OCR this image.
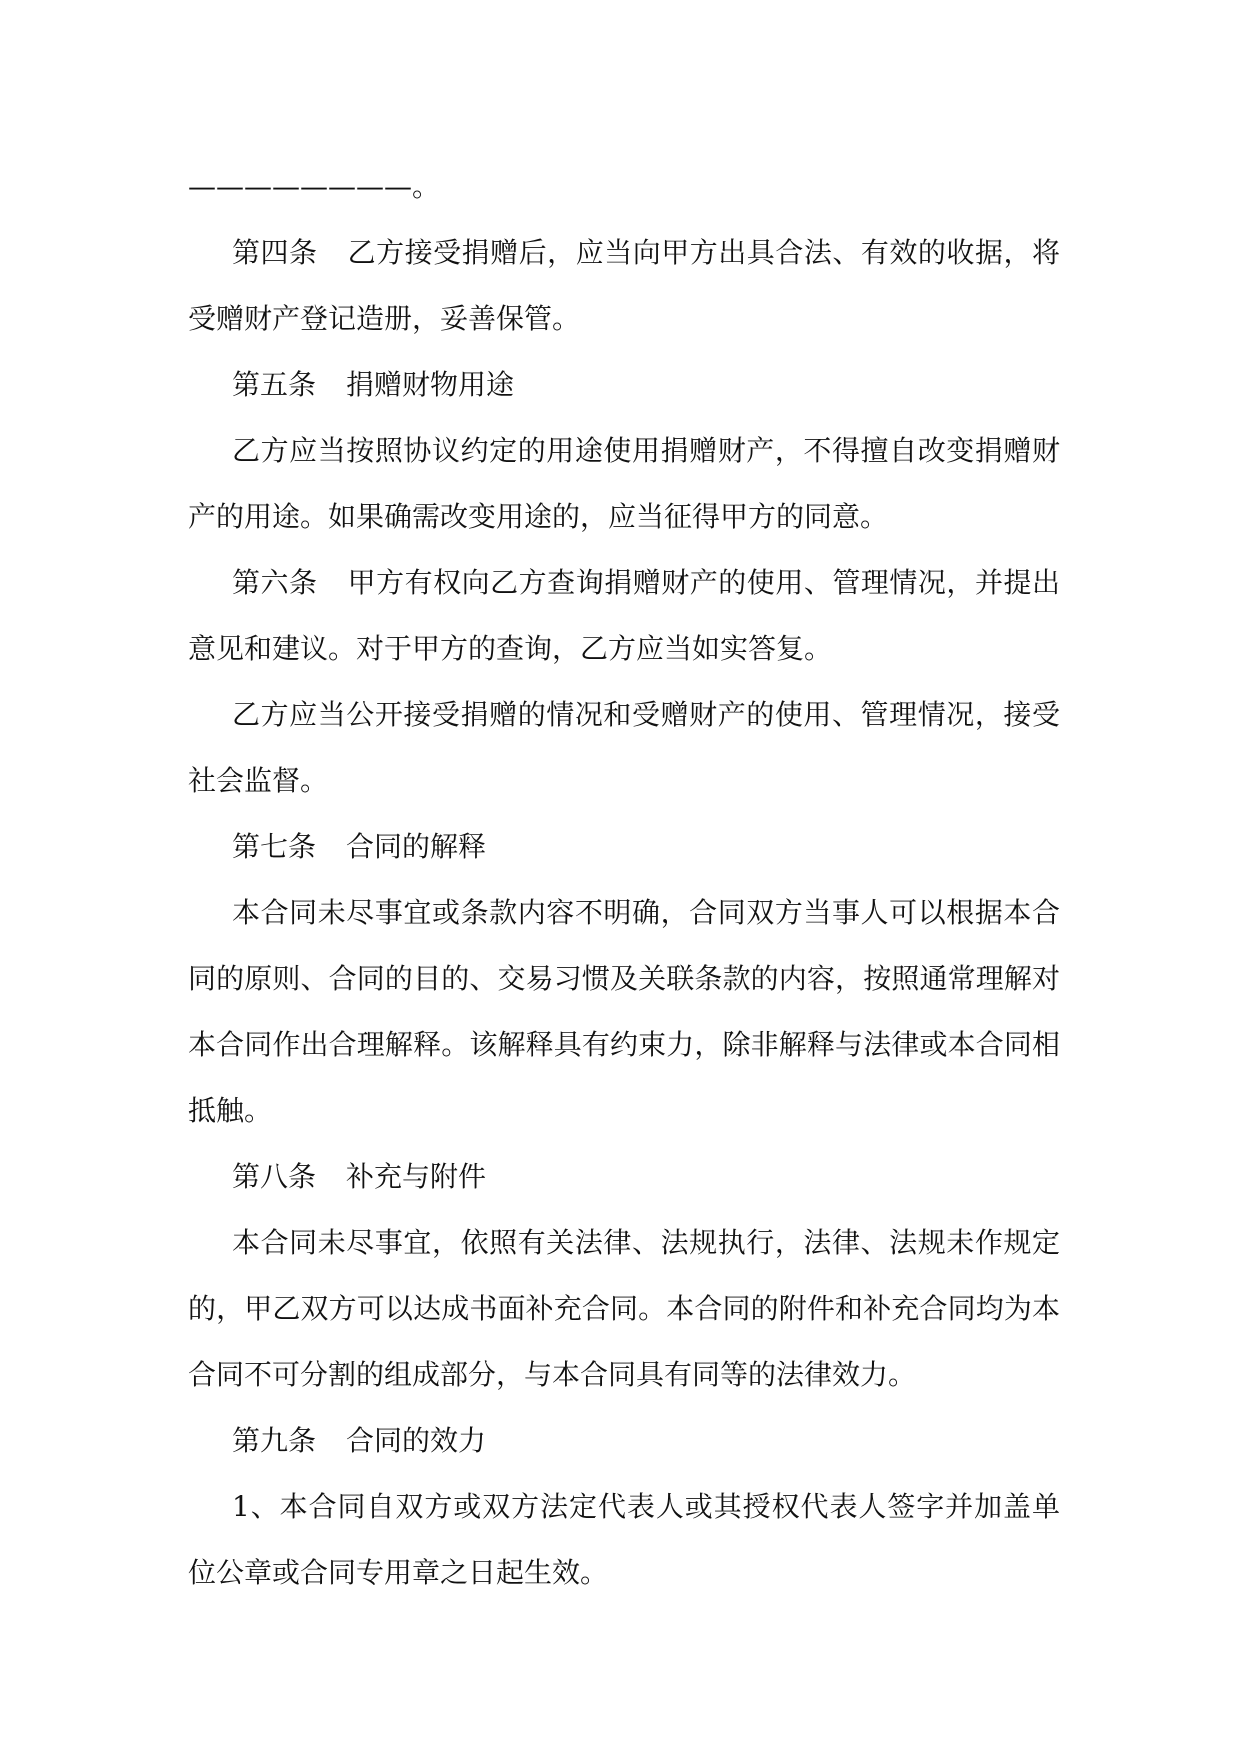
————————。

第四条 乙方接受捐赠后，应当向甲方出具合法、有效的收据，将受赠财产登记造册，妥善保管。

第五条 捐赠财物用途

乙方应当按照协议约定的用途使用捐赠财产，不得擅自改变捐赠财产的用途。如果确需改变用途的，应当征得甲方的同意。

第六条 甲方有权向乙方查询捐赠财产的使用、管理情况，并提出意见和建议。对于甲方的查询，乙方应当如实答复。

乙方应当公开接受捐赠的情况和受赠财产的使用、管理情况，接受社会监督。

第七条 合同的解释

本合同未尽事宜或条款内容不明确，合同双方当事人可以根据本合同的原则、合同的目的、交易习惯及关联条款的内容，按照通常理解对本合同作出合理解释。该解释具有约束力，除非解释与法律或本合同相抵触。

第八条 补充与附件

本合同未尽事宜，依照有关法律、法规执行，法律、法规未作规定的，甲乙双方可以达成书面补充合同。本合同的附件和补充合同均为本合同不可分割的组成部分，与本合同具有同等的法律效力。

第九条 合同的效力

1、本合同自双方或双方法定代表人或其授权代表人签字并加盖单位公章或合同专用章之日起生效。
